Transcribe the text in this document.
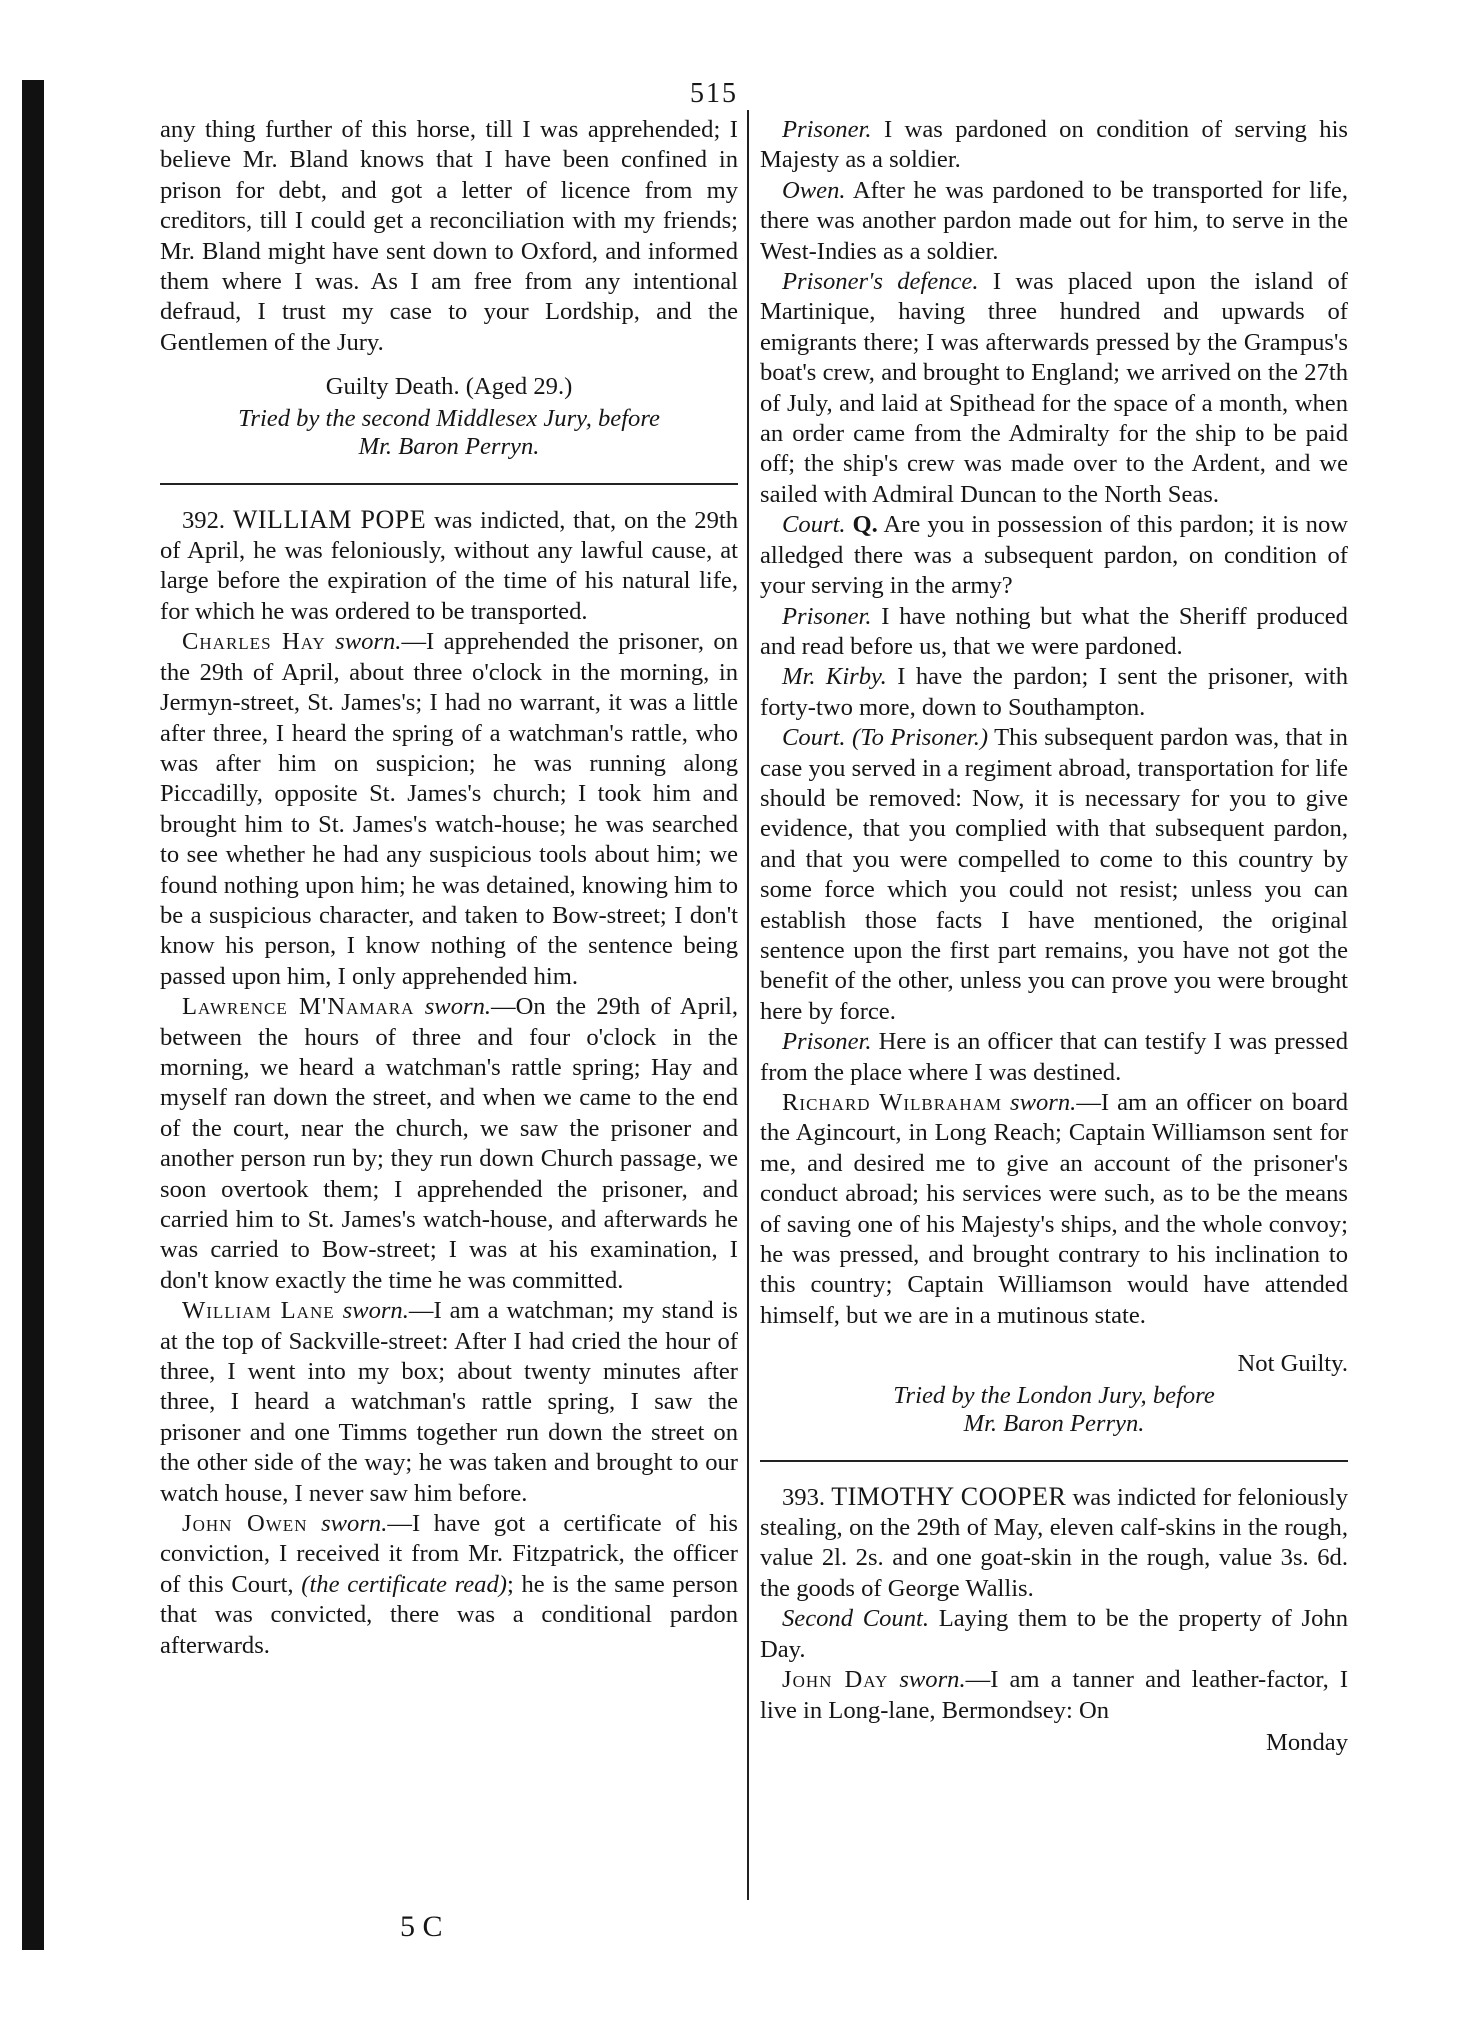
515

any thing further of this horse, till I was apprehended; I believe Mr. Bland knows that I have been confined in prison for debt, and got a letter of licence from my creditors, till I could get a reconciliation with my friends; Mr. Bland might have sent down to Oxford, and informed them where I was. As I am free from any intentional defraud, I trust my case to your Lordship, and the Gentlemen of the Jury.

Guilty Death. (Aged 29.)

Tried by the second Middlesex Jury, before

Mr. Baron Perryn.

392. WILLIAM POPE was indicted, that, on the 29th of April, he was feloniously, without any lawful cause, at large before the expiration of the time of his natural life, for which he was ordered to be transported.

Charles Hay sworn.—I apprehended the prisoner, on the 29th of April, about three o'clock in the morning, in Jermyn-street, St. James's; I had no warrant, it was a little after three, I heard the spring of a watchman's rattle, who was after him on suspicion; he was running along Piccadilly, opposite St. James's church; I took him and brought him to St. James's watch-house; he was searched to see whether he had any suspicious tools about him; we found nothing upon him; he was detained, knowing him to be a suspicious character, and taken to Bow-street; I don't know his person, I know nothing of the sentence being passed upon him, I only apprehended him.

Lawrence M'Namara sworn.—On the 29th of April, between the hours of three and four o'clock in the morning, we heard a watchman's rattle spring; Hay and myself ran down the street, and when we came to the end of the court, near the church, we saw the prisoner and another person run by; they run down Church passage, we soon overtook them; I apprehended the prisoner, and carried him to St. James's watch-house, and afterwards he was carried to Bow-street; I was at his examination, I don't know exactly the time he was committed.

William Lane sworn.—I am a watchman; my stand is at the top of Sackville-street: After I had cried the hour of three, I went into my box; about twenty minutes after three, I heard a watchman's rattle spring, I saw the prisoner and one Timms together run down the street on the other side of the way; he was taken and brought to our watch house, I never saw him before.

John Owen sworn.—I have got a certificate of his conviction, I received it from Mr. Fitzpatrick, the officer of this Court, (the certificate read); he is the same person that was convicted, there was a conditional pardon afterwards.

5 C

Prisoner. I was pardoned on condition of serving his Majesty as a soldier.

Owen. After he was pardoned to be transported for life, there was another pardon made out for him, to serve in the West-Indies as a soldier.

Prisoner's defence. I was placed upon the island of Martinique, having three hundred and upwards of emigrants there; I was afterwards pressed by the Grampus's boat's crew, and brought to England; we arrived on the 27th of July, and laid at Spithead for the space of a month, when an order came from the Admiralty for the ship to be paid off; the ship's crew was made over to the Ardent, and we sailed with Admiral Duncan to the North Seas.

Court. Q. Are you in possession of this pardon; it is now alledged there was a subsequent pardon, on condition of your serving in the army?

Prisoner. I have nothing but what the Sheriff produced and read before us, that we were pardoned.

Mr. Kirby. I have the pardon; I sent the prisoner, with forty-two more, down to Southampton.

Court. (To Prisoner.) This subsequent pardon was, that in case you served in a regiment abroad, transportation for life should be removed: Now, it is necessary for you to give evidence, that you complied with that subsequent pardon, and that you were compelled to come to this country by some force which you could not resist; unless you can establish those facts I have mentioned, the original sentence upon the first part remains, you have not got the benefit of the other, unless you can prove you were brought here by force.

Prisoner. Here is an officer that can testify I was pressed from the place where I was destined.

Richard Wilbraham sworn.—I am an officer on board the Agincourt, in Long Reach; Captain Williamson sent for me, and desired me to give an account of the prisoner's conduct abroad; his services were such, as to be the means of saving one of his Majesty's ships, and the whole convoy; he was pressed, and brought contrary to his inclination to this country; Captain Williamson would have attended himself, but we are in a mutinous state.

Not Guilty.

Tried by the London Jury, before

Mr. Baron Perryn.

393. TIMOTHY COOPER was indicted for feloniously stealing, on the 29th of May, eleven calf-skins in the rough, value 2l. 2s. and one goat-skin in the rough, value 3s. 6d. the goods of George Wallis.

Second Count. Laying them to be the property of John Day.

John Day sworn.—I am a tanner and leather-factor, I live in Long-lane, Bermondsey: On

Monday
